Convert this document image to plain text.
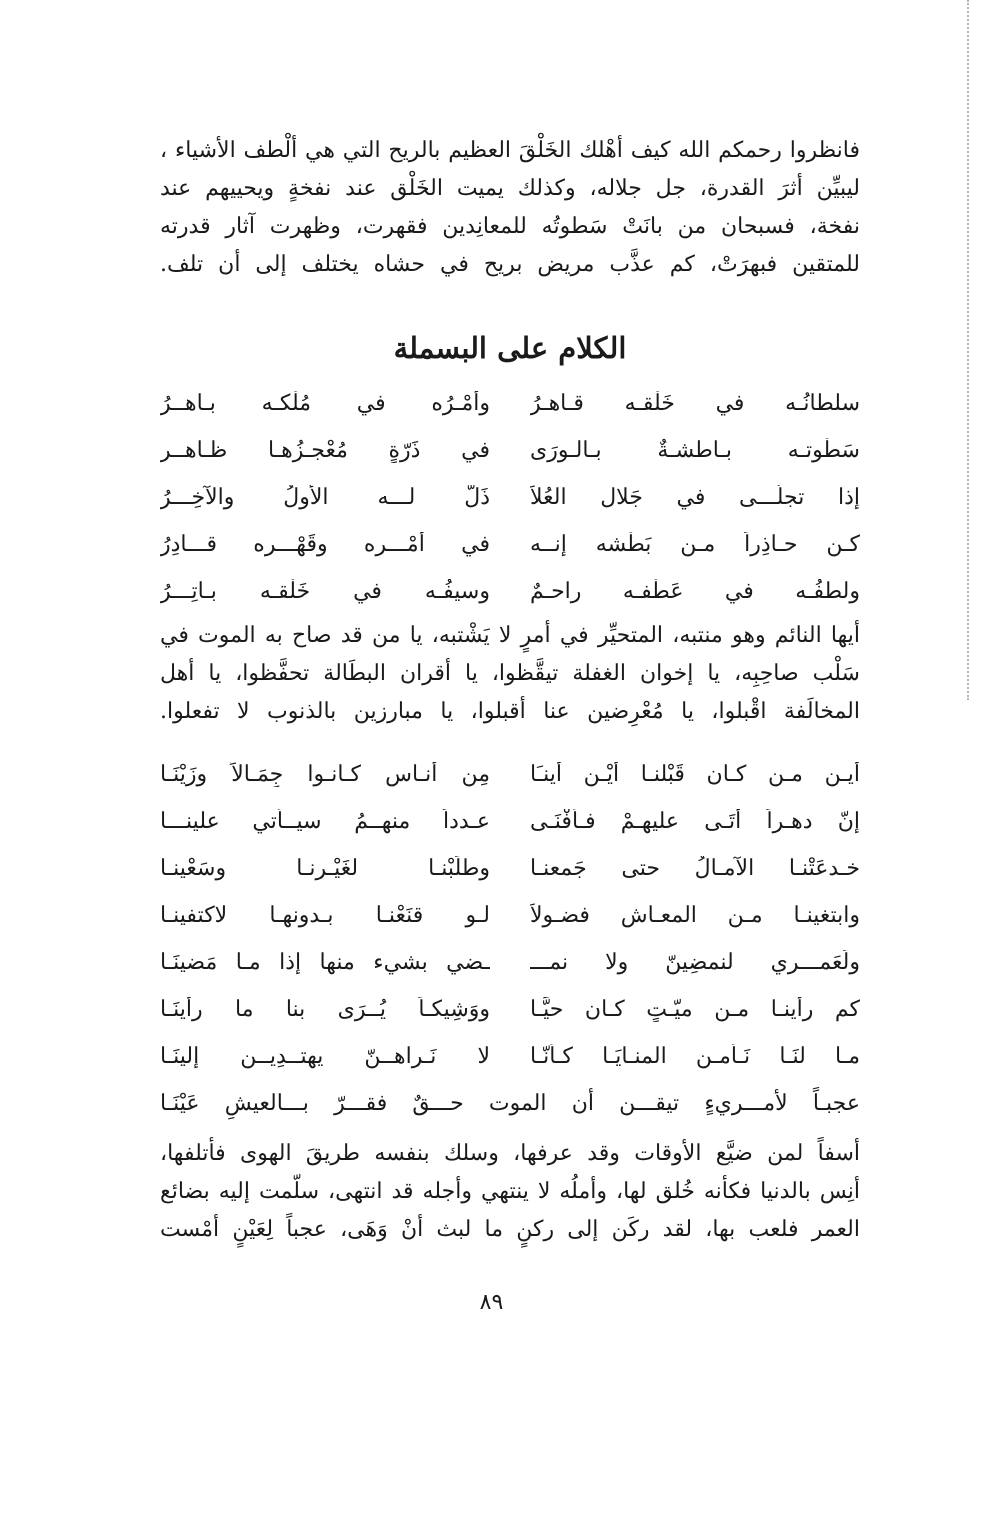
فانظروا رحمكم الله كيف أهْلك الخَلْقَ العظيم بالريح التي هي ألْطف الأشياء ،
ليبيِّن أثرَ القدرة، جل جلاله، وكذلك يميت الخَلْق عند نفخةٍ ويحييهم عند
نفخة، فسبحان من بانَتْ سَطوتُه للمعانِدين فقهرت، وظهرت آثار قدرته
للمتقين فبهرَتْ، كم عذَّب مريض بريح في حشاه يختلف إلى أن تلف.
الكلام على البسملة
سلطانُـه في خَلْقـه قـاهـرُ
وأمْـرُه في مُلْكـه بـاهــرُ
سَطْوتـه بـاطشـةٌ بـالـورَى
في ذَرّةٍ مُعْجـزُهـا ظـاهــر
إذا تجلَّـــى في جَلال العُلاَ
ذَلَّ لـــه الأولُ والآخِـــرُ
كـن حـاذِراً مـن بَطْشه إنــه
في أمْـــرِه وقَهْـــره قـــادِرُ
ولطفُـه في عَطْفـه راحـمٌ
وسيفُـه في خَلْقـه بـاتِـــرُ
أيها النائم وهو منتبه، المتحيِّر في أمرٍ لا يَشْتبه، يا من قد صاح به الموت في
سَلْب صاحِبِه، يا إخوان الغفلة تيقَّظوا، يا أقران البطَالة تحفَّظوا، يا أهل
المخالَفة اقْبلوا، يا مُعْرِضين عنا أقبلوا، يا مبارزين بالذنوب لا تفعلوا.
أيـن مـن كـان قَبْلنـا أيْـن أينـَا
مِن أنـاسٍ كـانـوا جِمَـالاً وزَيْنَـا
إنّ دهـراً أتَـى عليهـمْ فـأفْنَـى
عـدداً منهــمُ سيــأتي علينـــا
خـدعَتْنـا الآمـالُ حتى جَمعنـا
وطلَبْنـا لغَيْـرنـا وسَعْينـا
وابتغينـا مـن المعـاش فضـولاً
لـو قنَعْنـا بـدونهـا لاكتفينـا
ولَعَمـــرِي لنمضِينّ ولا نمـــ
ـضي بشيء منها إذا مـا مَضينَـا
كم رأينـا مـن ميّـتٍ كـان حيًّـا
ووَشِيكـاً يُــرَى بنا ما رأينَـا
مـا لنَـا نَـأمـن المنـايَـا كـأنّـا
لا نَـراهــنّ يهتــدِيــن إلينَـا
عجبـاً لأمـــريءٍ تيقـــن أن الموت حـــقٌ فقـــرّ بـــالعيشِ عَيْنَـا
أسفاً لمن ضيَّع الأوقات وقد عرفها، وسلك بنفسه طريقَ الهوى فأتلفها،
أنِس بالدنيا فكأنه خُلق لها، وأملُه لا ينتهي وأجله قد انتهى، سلّمت إليه بضائع
العمر فلعب بها، لقد ركَن إلى ركنٍ ما لبث أنْ وَهَى، عجباً لِعَيْنٍ أمْست
٨٩
